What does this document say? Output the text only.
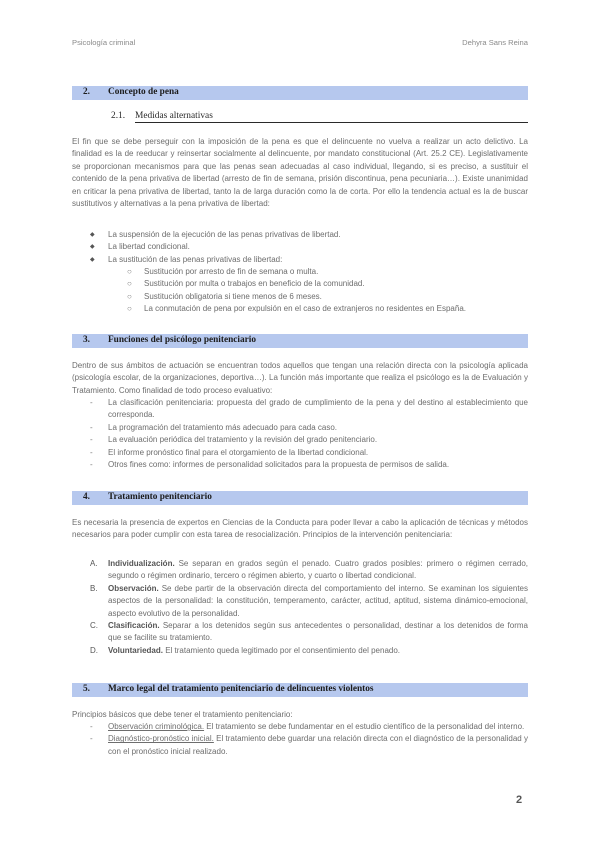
Psicología criminal	Dehyra Sans Reina
2. Concepto de pena
2.1. Medidas alternativas
El fin que se debe perseguir con la imposición de la pena es que el delincuente no vuelva a realizar un acto delictivo. La finalidad es la de reeducar y reinsertar socialmente al delincuente, por mandato constitucional (Art. 25.2 CE). Legislativamente se proporcionan mecanismos para que las penas sean adecuadas al caso individual, llegando, si es preciso, a sustituir el contenido de la pena privativa de libertad (arresto de fin de semana, prisión discontinua, pena pecuniaria…). Existe unanimidad en criticar la pena privativa de libertad, tanto la de larga duración como la de corta. Por ello la tendencia actual es la de buscar sustitutivos y alternativas a la pena privativa de libertad:
◆ La suspensión de la ejecución de las penas privativas de libertad.
◆ La libertad condicional.
◆ La sustitución de las penas privativas de libertad:
○ Sustitución por arresto de fin de semana o multa.
○ Sustitución por multa o trabajos en beneficio de la comunidad.
○ Sustitución obligatoria si tiene menos de 6 meses.
○ La conmutación de pena por expulsión en el caso de extranjeros no residentes en España.
3. Funciones del psicólogo penitenciario
Dentro de sus ámbitos de actuación se encuentran todos aquellos que tengan una relación directa con la psicología aplicada (psicología escolar, de la organizaciones, deportiva…). La función más importante que realiza el psicólogo es la de Evaluación y Tratamiento. Como finalidad de todo proceso evaluativo:
- La clasificación penitenciaria: propuesta del grado de cumplimiento de la pena y del destino al establecimiento que corresponda.
- La programación del tratamiento más adecuado para cada caso.
- La evaluación periódica del tratamiento y la revisión del grado penitenciario.
- El informe pronóstico final para el otorgamiento de la libertad condicional.
- Otros fines como: informes de personalidad solicitados para la propuesta de permisos de salida.
4. Tratamiento penitenciario
Es necesaria la presencia de expertos en Ciencias de la Conducta para poder llevar a cabo la aplicación de técnicas y métodos necesarios para poder cumplir con esta tarea de resocialización. Principios de la intervención penitenciaria:
A. Individualización. Se separan en grados según el penado. Cuatro grados posibles: primero o régimen cerrado, segundo o régimen ordinario, tercero o régimen abierto, y cuarto o libertad condicional.
B. Observación. Se debe partir de la observación directa del comportamiento del interno. Se examinan los siguientes aspectos de la personalidad: la constitución, temperamento, carácter, actitud, aptitud, sistema dinámico-emocional, aspecto evolutivo de la personalidad.
C. Clasificación. Separar a los detenidos según sus antecedentes o personalidad, destinar a los detenidos de forma que se facilite su tratamiento.
D. Voluntariedad. El tratamiento queda legitimado por el consentimiento del penado.
5. Marco legal del tratamiento penitenciario de delincuentes violentos
Principios básicos que debe tener el tratamiento penitenciario:
- Observación criminológica. El tratamiento se debe fundamentar en el estudio científico de la personalidad del interno.
- Diagnóstico-pronóstico inicial. El tratamiento debe guardar una relación directa con el diagnóstico de la personalidad y con el pronóstico inicial realizado.
2
